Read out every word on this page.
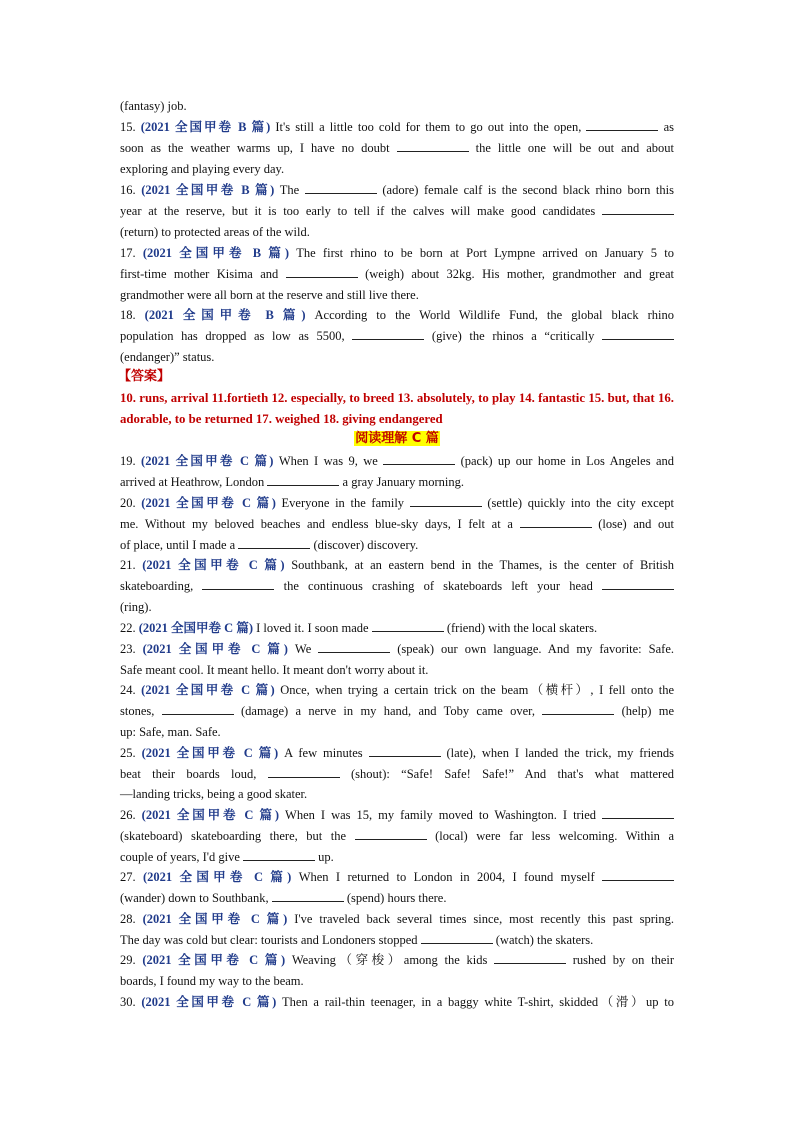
【答案】

10. runs, arrival 11.fortieth 12. especially, to breed 13. absolutely, to play 14. fantastic 15. but, that 16. adorable, to be returned 17. weighed 18. giving endangered

阅读理解 C 篇

(fantasy) job.

15. (2021 全国甲卷 B 篇) It's still a little too cold for them to go out into the open,	as

soon as the weather warms up, I have no doubt	the little one will be out and about

exploring and playing every day.

16. (2021 全国甲卷 B 篇) The	(adore) female calf is the second black rhino born this

year at the reserve, but it is too early to tell if the calves will make good candidates

(return) to protected areas of the wild.

17. (2021 全国甲卷 B 篇) The first rhino to be born at Port Lympne arrived on January 5 to

first-time mother Kisima and	(weigh) about 32kg. His mother, grandmother and great

grandmother were all born at the reserve and still live there.

18. (2021 全国甲卷 B 篇) According to the World Wildlife Fund, the global black rhino

population has dropped as low as 5500,	(give) the rhinos a “critically

(endanger)” status.

19. (2021 全国甲卷 C 篇) When I was 9, we	(pack) up our home in Los Angeles and

arrived at Heathrow, London	a gray January morning.

20. (2021 全国甲卷 C 篇) Everyone in the family	(settle) quickly into the city except

me. Without my beloved beaches and endless blue-sky days, I felt at a	(lose) and out

of place, until I made a	(discover) discovery.

21. (2021 全国甲卷 C 篇) Southbank, at an eastern bend in the Thames, is the center of British

skateboarding,	the continuous crashing of skateboards left your head

(ring).

22. (2021 全国甲卷 C 篇) I loved it. I soon made	(friend) with the local skaters.

23. (2021 全国甲卷 C 篇) We	(speak) our own language. And my favorite: Safe.

Safe meant cool. It meant hello. It meant don't worry about it.

24. (2021 全国甲卷 C 篇) Once, when trying a certain trick on the beam（横杆）, I fell onto the

stones,	(damage) a nerve in my hand, and Toby came over,	(help) me

up: Safe, man. Safe.

25. (2021 全国甲卷 C 篇) A few minutes	(late), when I landed the trick, my friends

beat their boards loud,	(shout): “Safe! Safe! Safe!” And that's what mattered

—landing tricks, being a good skater.

26. (2021 全国甲卷 C 篇) When I was 15, my family moved to Washington. I tried

(skateboard) skateboarding there, but the	(local) were far less welcoming. Within a

couple of years, I'd give	up.

27. (2021 全国甲卷 C 篇) When I returned to London in 2004, I found myself

(wander) down to Southbank,	(spend) hours there.

28. (2021 全国甲卷 C 篇) I've traveled back several times since, most recently this past spring.

The day was cold but clear: tourists and Londoners stopped	(watch) the skaters.

29. (2021 全国甲卷 C 篇) Weaving（穿梭）among the kids	rushed by on their

boards, I found my way to the beam.

30. (2021 全国甲卷 C 篇) Then a rail-thin teenager, in a baggy white T-shirt, skidded（滑）up to
